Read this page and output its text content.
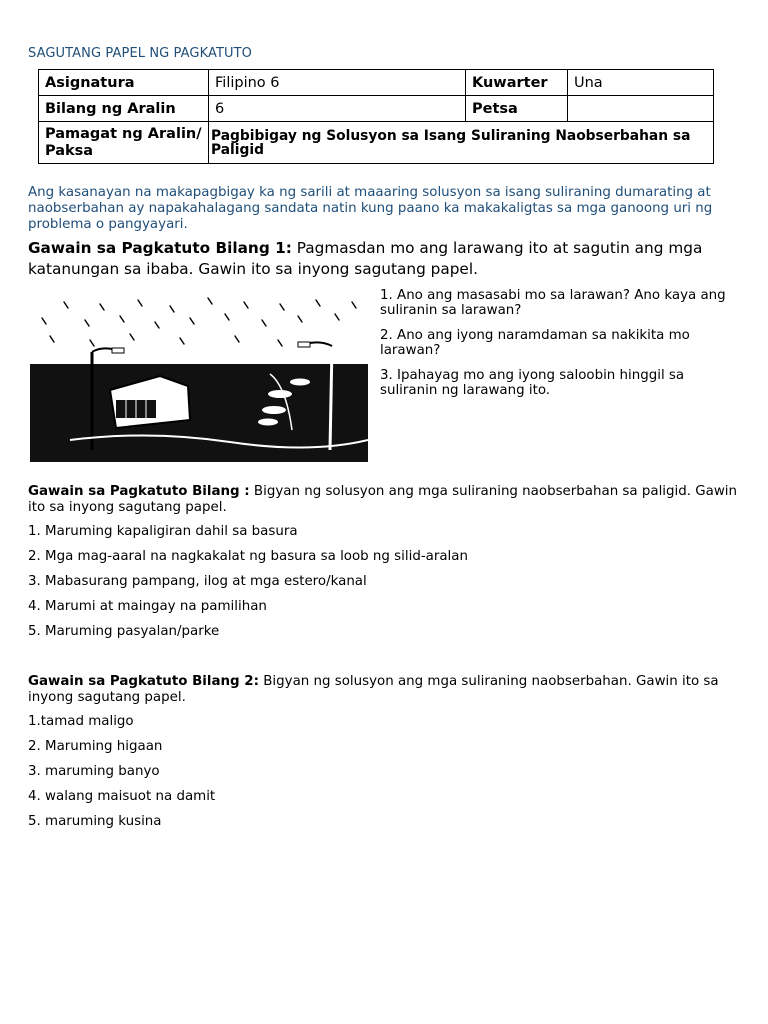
SAGUTANG PAPEL NG PAGKATUTO
Asignatura	Filipino 6	Kuwarter	Una
Bilang ng Aralin	6	Petsa	
Pamagat ng Aralin/ Paksa	Pagbibigay ng Solusyon sa Isang Suliraning Naobserbahan sa Paligid		
Ang kasanayan na makapagbigay ka ng sarili at maaaring solusyon sa isang suliraning dumarating at naobserbahan ay napakahalagang sandata natin kung paano ka makakaligtas sa mga ganoong uri ng problema o pangyayari.
Gawain sa Pagkatuto Bilang 1: Pagmasdan mo ang larawang ito at sagutin ang mga katanungan sa ibaba. Gawin ito sa inyong sagutang papel.

1. Ano ang masasabi mo sa larawan? Ano kaya ang suliranin sa larawan?

2. Ano ang iyong naramdaman sa nakikita mo larawan?

3. Ipahayag mo ang iyong saloobin hinggil sa suliranin ng larawang ito.

Gawain sa Pagkatuto Bilang : Bigyan ng solusyon ang mga suliraning naobserbahan sa paligid. Gawin ito sa inyong sagutang papel.
1. Maruming kapaligiran dahil sa basura
2. Mga mag-aaral na nagkakalat ng basura sa loob ng silid-aralan
3. Mabasurang pampang, ilog at mga estero/kanal
4. Marumi at maingay na pamilihan
5. Maruming pasyalan/parke
Gawain sa Pagkatuto Bilang 2: Bigyan ng solusyon ang mga suliraning naobserbahan. Gawin ito sa inyong sagutang papel.
1.tamad maligo
2. Maruming higaan
3. maruming banyo
4. walang maisuot na damit
5. maruming kusina
